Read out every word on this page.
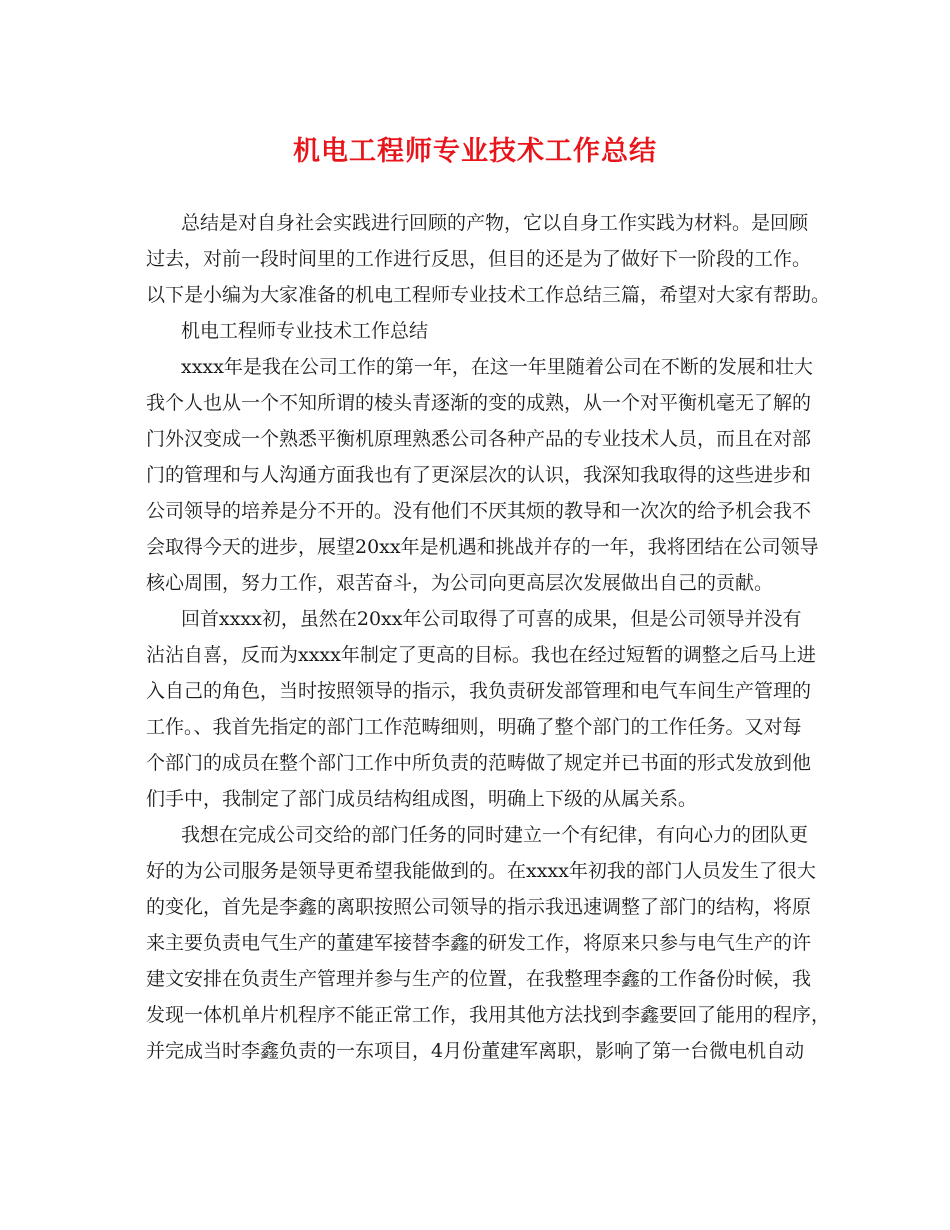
机电工程师专业技术工作总结

总结是对自身社会实践进行回顾的产物，它以自身工作实践为材料。是回顾

过去，对前一段时间里的工作进行反思，但目的还是为了做好下一阶段的工作。

以下是小编为大家准备的机电工程师专业技术工作总结三篇，希望对大家有帮助。

机电工程师专业技术工作总结

xxxx年是我在公司工作的第一年，在这一年里随着公司在不断的发展和壮大

我个人也从一个不知所谓的棱头青逐渐的变的成熟，从一个对平衡机毫无了解的

门外汉变成一个熟悉平衡机原理熟悉公司各种产品的专业技术人员，而且在对部

门的管理和与人沟通方面我也有了更深层次的认识，我深知我取得的这些进步和

公司领导的培养是分不开的。没有他们不厌其烦的教导和一次次的给予机会我不

会取得今天的进步，展望20xx年是机遇和挑战并存的一年，我将团结在公司领导

核心周围，努力工作，艰苦奋斗，为公司向更高层次发展做出自己的贡献。

回首xxxx初，虽然在20xx年公司取得了可喜的成果，但是公司领导并没有

沾沾自喜，反而为xxxx年制定了更高的目标。我也在经过短暂的调整之后马上进

入自己的角色，当时按照领导的指示，我负责研发部管理和电气车间生产管理的

工作。、我首先指定的部门工作范畴细则，明确了整个部门的工作任务。又对每

个部门的成员在整个部门工作中所负责的范畴做了规定并已书面的形式发放到他

们手中，我制定了部门成员结构组成图，明确上下级的从属关系。

我想在完成公司交给的部门任务的同时建立一个有纪律，有向心力的团队更

好的为公司服务是领导更希望我能做到的。在xxxx年初我的部门人员发生了很大

的变化，首先是李鑫的离职按照公司领导的指示我迅速调整了部门的结构，将原

来主要负责电气生产的董建军接替李鑫的研发工作，将原来只参与电气生产的许

建文安排在负责生产管理并参与生产的位置，在我整理李鑫的工作备份时候，我

发现一体机单片机程序不能正常工作，我用其他方法找到李鑫要回了能用的程序，

并完成当时李鑫负责的一东项目，4月份董建军离职，影响了第一台微电机自动
